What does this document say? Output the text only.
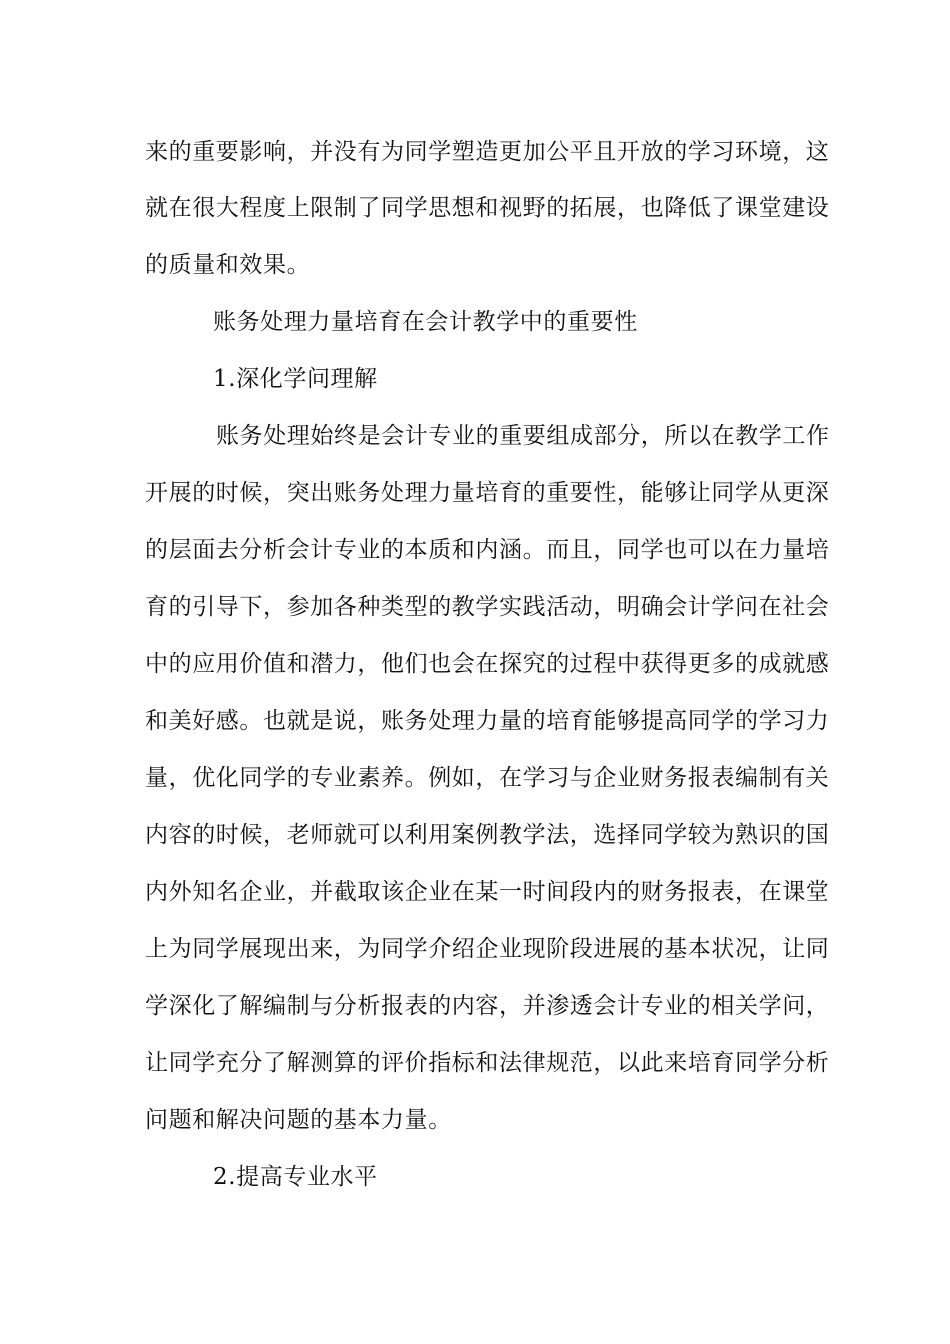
来的重要影响，并没有为同学塑造更加公平且开放的学习环境，这
就在很大程度上限制了同学思想和视野的拓展，也降低了课堂建设
的质量和效果。
账务处理力量培育在会计教学中的重要性
1.深化学问理解
账务处理始终是会计专业的重要组成部分，所以在教学工作
开展的时候，突出账务处理力量培育的重要性，能够让同学从更深
的层面去分析会计专业的本质和内涵。而且，同学也可以在力量培
育的引导下，参加各种类型的教学实践活动，明确会计学问在社会
中的应用价值和潜力，他们也会在探究的过程中获得更多的成就感
和美好感。也就是说，账务处理力量的培育能够提高同学的学习力
量，优化同学的专业素养。例如，在学习与企业财务报表编制有关
内容的时候，老师就可以利用案例教学法，选择同学较为熟识的国
内外知名企业，并截取该企业在某一时间段内的财务报表，在课堂
上为同学展现出来，为同学介绍企业现阶段进展的基本状况，让同
学深化了解编制与分析报表的内容，并渗透会计专业的相关学问，
让同学充分了解测算的评价指标和法律规范，以此来培育同学分析
问题和解决问题的基本力量。
2.提高专业水平
